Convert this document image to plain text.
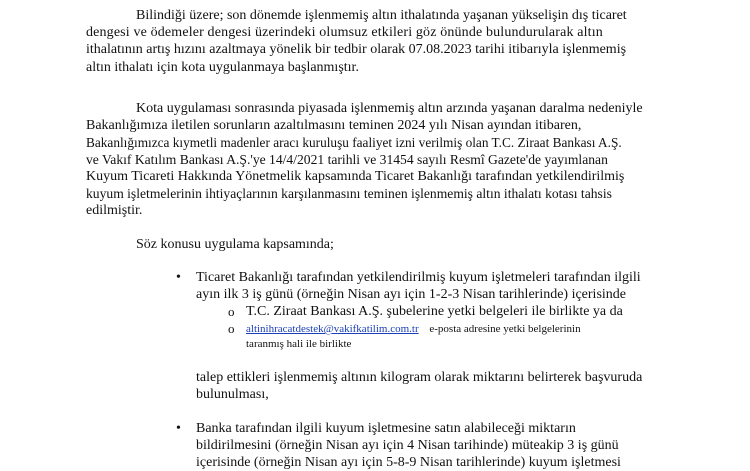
Bilindiği üzere; son dönemde işlenmemiş altın ithalatında yaşanan yükselişin dış ticaret
dengesi ve ödemeler dengesi üzerindeki olumsuz etkileri göz önünde bulundurularak altın
ithalatının artış hızını azaltmaya yönelik bir tedbir olarak 07.08.2023 tarihi itibarıyla işlenmemiş
altın ithalatı için kota uygulanmaya başlanmıştır.
Kota uygulaması sonrasında piyasada işlenmemiş altın arzında yaşanan daralma nedeniyle
Bakanlığımıza iletilen sorunların azaltılmasını teminen 2024 yılı Nisan ayından itibaren,
Bakanlığımızca kıymetli madenler aracı kuruluşu faaliyet izni verilmiş olan T.C. Ziraat Bankası A.Ş.
ve Vakıf Katılım Bankası A.Ş.'ye 14/4/2021 tarihli ve 31454 sayılı Resmî Gazete'de yayımlanan
Kuyum Ticareti Hakkında Yönetmelik kapsamında Ticaret Bakanlığı tarafından yetkilendirilmiş
kuyum işletmelerinin ihtiyaçlarının karşılanmasını teminen işlenmemiş altın ithalatı kotası tahsis
edilmiştir.
Söz konusu uygulama kapsamında;
• Ticaret Bakanlığı tarafından yetkilendirilmiş kuyum işletmeleri tarafından ilgili
ayın ilk 3 iş günü (örneğin Nisan ayı için 1-2-3 Nisan tarihlerinde) içerisinde
o T.C. Ziraat Bankası A.Ş. şubelerine yetki belgeleri ile birlikte ya da
o altinihracatdestek@vakifkatilim.com.tr e-posta adresine yetki belgelerinin
taranmış hali ile birlikte
talep ettikleri işlenmemiş altının kilogram olarak miktarını belirterek başvuruda
bulunulması,
• Banka tarafından ilgili kuyum işletmesine satın alabileceği miktarın
bildirilmesini (örneğin Nisan ayı için 4 Nisan tarihinde) müteakip 3 iş günü
içerisinde (örneğin Nisan ayı için 5-8-9 Nisan tarihlerinde) kuyum işletmesi
